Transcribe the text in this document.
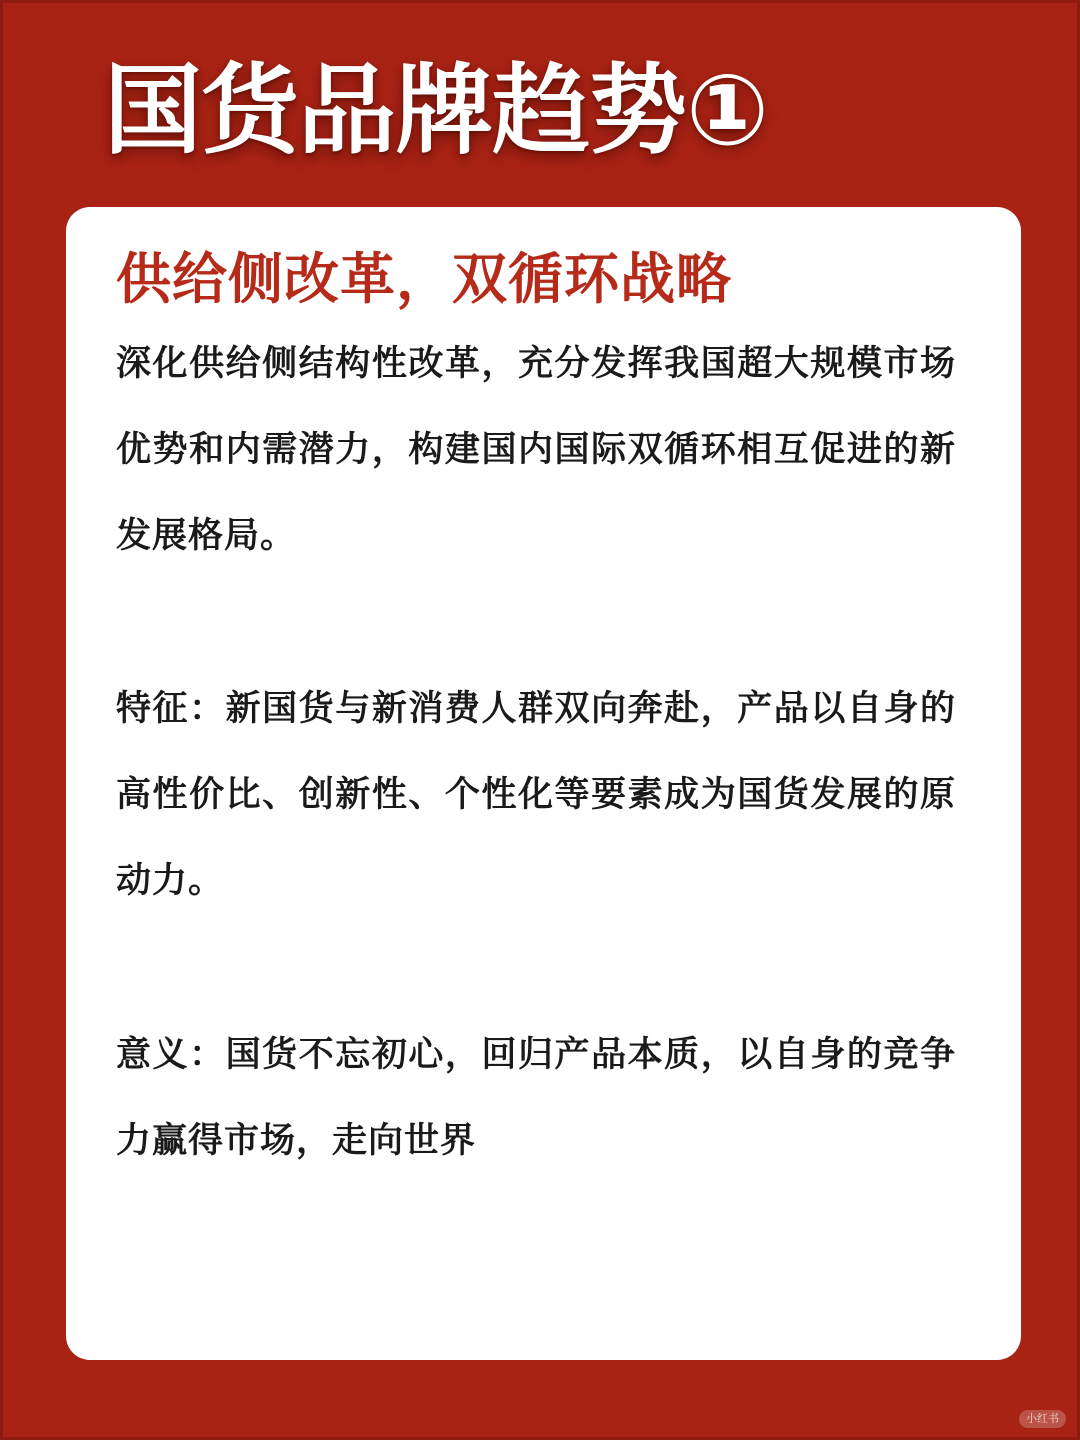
国货品牌趋势①
供给侧改革，双循环战略

深化供给侧结构性改革，充分发挥我国超大规模市场优势和内需潜力，构建国内国际双循环相互促进的新发展格局。

特征：新国货与新消费人群双向奔赴，产品以自身的高性价比、创新性、个性化等要素成为国货发展的原动力。

意义：国货不忘初心，回归产品本质，以自身的竞争力赢得市场，走向世界

小红书
